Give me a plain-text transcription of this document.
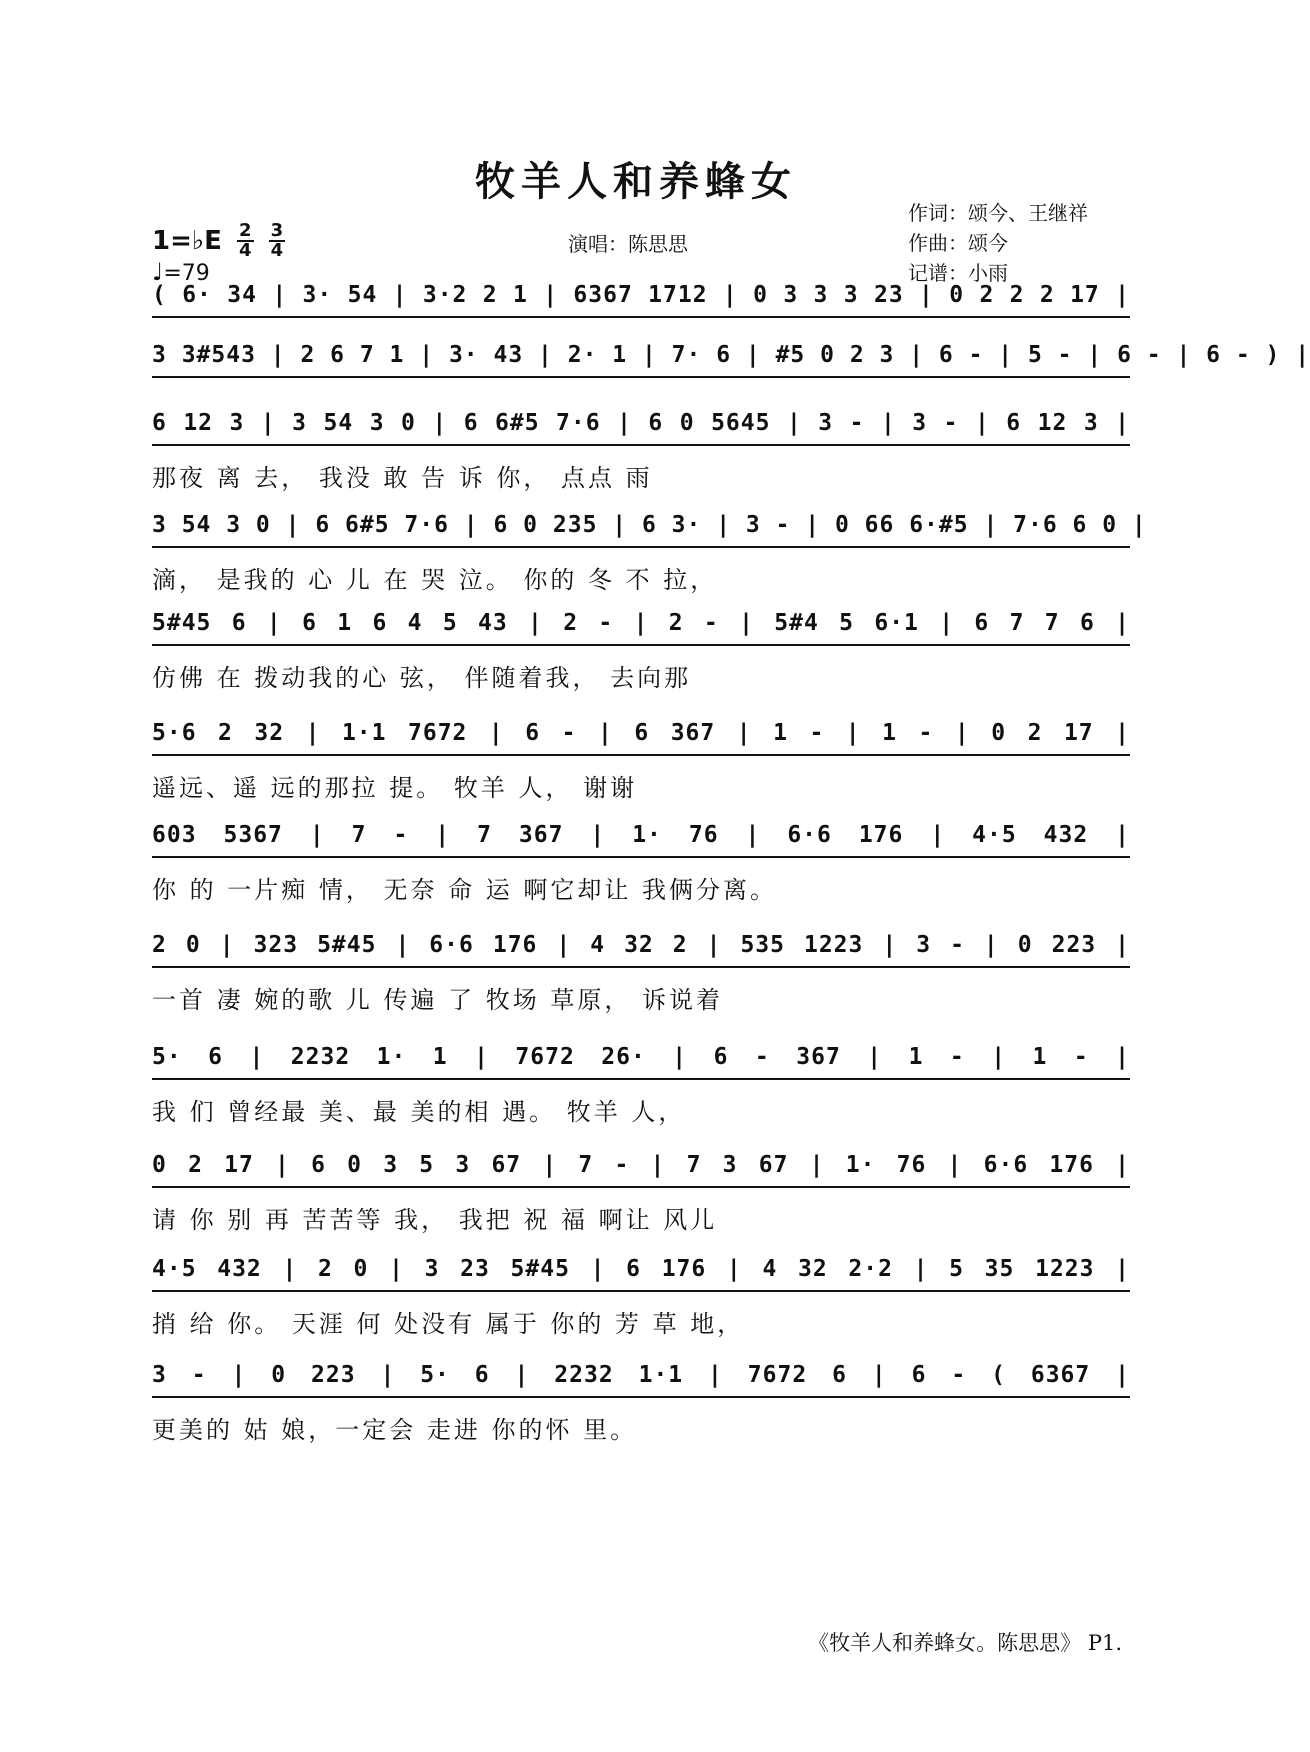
牧羊人和养蜂女
1=♭E $\frac{2}{4}$
$\frac{3}{4}$
♩=79
演唱：陈思思
作词：颂今、王继祥
作曲：颂今
记谱：小雨
( 6· 34 | 3· 54 | 3·2 2 1 | 6367 1712 | 0 3 3 3 23 | 0 2 2 2 17 |
3 3#543 | 2 6 7 1 | 3· 43 | 2· 1 | 7· 6 | #5 0 2 3 | 6 - | 5 - | 6 - | 6 - ) |
6 12 3 | 3 54 3 0 | 6 6#5 7·6 | 6 0 5645 | 3 - | 3 - | 6 12 3 |
那夜 离 去， 我没 敢 告 诉 你， 点点 雨
3 54 3 0 | 6 6#5 7·6 | 6 0 235 | 6 3· | 3 - | 0 66 6·#5 | 7·6 6 0 |
滴， 是我的 心 儿 在 哭 泣。 你的 冬 不 拉，
5#45 6 | 6 1 6 4 5 43 | 2 - | 2 - | 5#4 5 6·1 | 6 7 7 6 |
仿佛 在 拨动我的心 弦， 伴随着我， 去向那
5·6 2 32 | 1·1 7672 | 6 - | 6 367 | 1 - | 1 - | 0 2 17 |
遥远、遥 远的那拉 提。 牧羊 人， 谢谢
603 5367 | 7 - | 7 367 | 1· 76 | 6·6 176 | 4·5 432 |
你 的 一片痴 情， 无奈 命 运 啊它却让 我俩分离。
2 0 | 323 5#45 | 6·6 176 | 4 32 2 | 535 1223 | 3 - | 0 223 |
一首 凄 婉的歌 儿 传遍 了 牧场 草原， 诉说着
5· 6 | 2232 1· 1 | 7672 26· | 6 - 367 | 1 - | 1 - |
我 们 曾经最 美、最 美的相 遇。 牧羊 人，
0 2 17 | 6 0 3 5 3 67 | 7 - | 7 3 67 | 1· 76 | 6·6 176 |
请 你 别 再 苦苦等 我， 我把 祝 福 啊让 风儿
4·5 432 | 2 0 | 3 23 5#45 | 6 176 | 4 32 2·2 | 5 35 1223 |
捎 给 你。 天涯 何 处没有 属于 你的 芳 草 地，
3 - | 0 223 | 5· 6 | 2232 1·1 | 7672 6 | 6 - ( 6367 |
更美的 姑 娘，一定会 走进 你的怀 里。
《牧羊人和养蜂女。陈思思》 P1.
